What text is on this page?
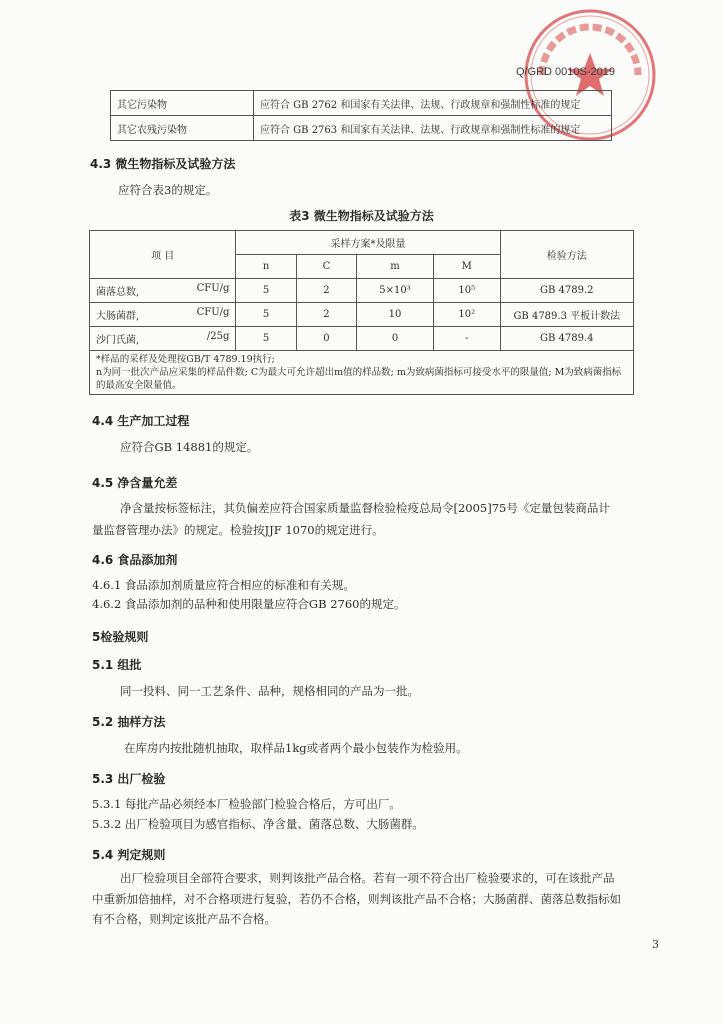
Q/GRD 0010S-2019
其它污染物	应符合 GB 2762 和国家有关法律、法规、行政规章和强制性标准的规定
其它农残污染物	应符合 GB 2763 和国家有关法律、法规、行政规章和强制性标准的规定
4.3 微生物指标及试验方法
应符合表3的规定。
表3 微生物指标及试验方法
项 目	采样方案*及限量				检验方法
	n	C	m	M	
菌落总数, CFU/g	5	2	5×10³	10⁵	GB 4789.2
大肠菌群, CFU/g	5	2	10	10²	GB 4789.3 平板计数法
沙门氏菌, /25g	5	0	0	-	GB 4789.4

*样品的采样及处理按GB/T 4789.19执行;
n为同一批次产品应采集的样品件数; C为最大可允许超出m值的样品数; m为致病菌指标可接受水平的限量值; M为致病菌指标的最高安全限量值。					
4.4 生产加工过程
应符合GB 14881的规定。
4.5 净含量允差
净含量按标签标注，其负偏差应符合国家质量监督检验检疫总局令[2005]75号《定量包装商品计
量监督管理办法》的规定。检验按JJF 1070的规定进行。
4.6 食品添加剂
4.6.1 食品添加剂质量应符合相应的标准和有关规。
4.6.2 食品添加剂的品种和使用限量应符合GB 2760的规定。
5检验规则
5.1 组批
同一投料、同一工艺条件、品种，规格相同的产品为一批。
5.2 抽样方法
在库房内按批随机抽取，取样品1kg或者两个最小包装作为检验用。
5.3 出厂检验
5.3.1 每批产品必须经本厂检验部门检验合格后，方可出厂。
5.3.2 出厂检验项目为感官指标、净含量、菌落总数、大肠菌群。
5.4 判定规则
出厂检验项目全部符合要求，则判该批产品合格。若有一项不符合出厂检验要求的，可在该批产品
中重新加倍抽样，对不合格项进行复验，若仍不合格，则判该批产品不合格；大肠菌群、菌落总数指标如
有不合格，则判定该批产品不合格。
3
